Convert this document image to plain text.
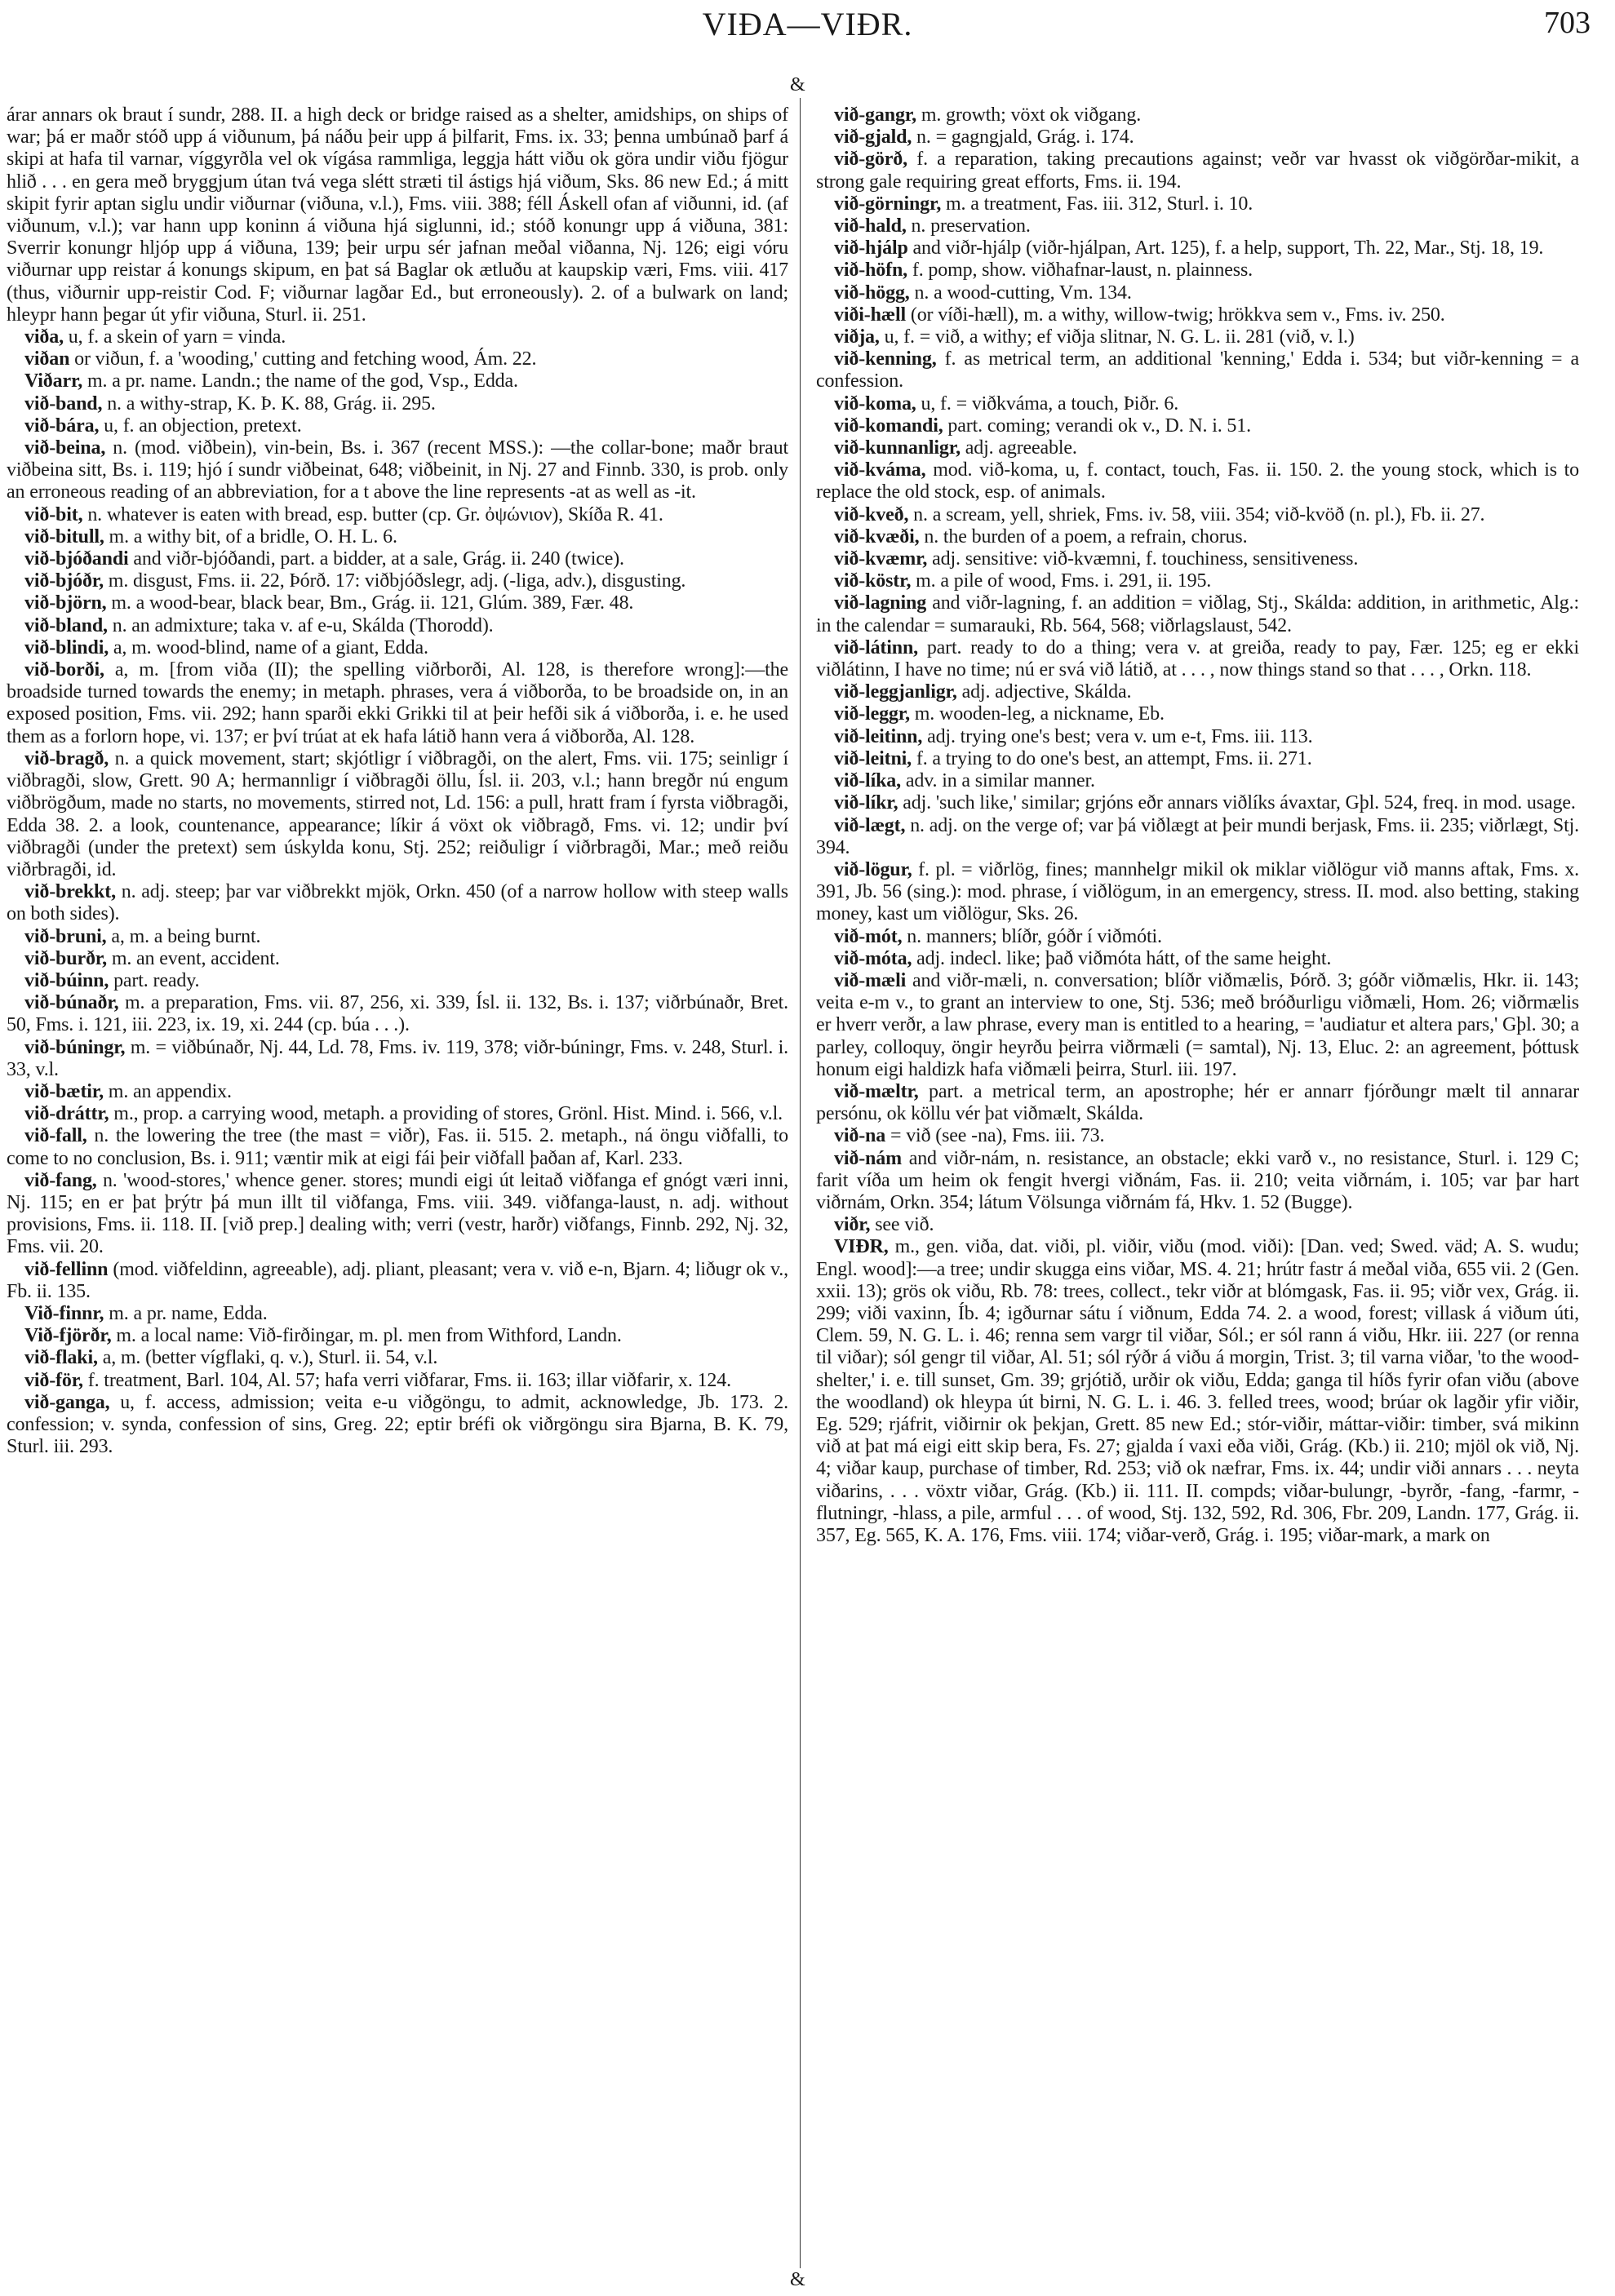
VIÐA—VIÐR.	703
&
&

árar annars ok braut í sundr, 288. II. a high deck or bridge raised as a shelter, amidships, on ships of war; þá er maðr stóð upp á viðunum, þá náðu þeir upp á þilfarit, Fms. ix. 33; þenna umbúnað þarf á skipi at hafa til varnar, víggyrðla vel ok vígása rammliga, leggja hátt viðu ok göra undir viðu fjögur hlið . . . en gera með bryggjum útan tvá vega slétt stræti til ástigs hjá viðum, Sks. 86 new Ed.; á mitt skipit fyrir aptan siglu undir viðurnar (viðuna, v.l.), Fms. viii. 388; féll Áskell ofan af viðunni, id. (af viðunum, v.l.); var hann upp koninn á viðuna hjá siglunni, id.; stóð konungr upp á viðuna, 381: Sverrir konungr hljóp upp á viðuna, 139; þeir urpu sér jafnan meðal viðanna, Nj. 126; eigi vóru viðurnar upp reistar á konungs skipum, en þat sá Baglar ok ætluðu at kaupskip væri, Fms. viii. 417 (thus, viðurnir upp-reistir Cod. F; viðurnar lagðar Ed., but erroneously). 2. of a bulwark on land; hleypr hann þegar út yfir viðuna, Sturl. ii. 251.

viða, u, f. a skein of yarn = vinda.

viðan or viðun, f. a 'wooding,' cutting and fetching wood, Ám. 22.

Viðarr, m. a pr. name. Landn.; the name of the god, Vsp., Edda.

við-band, n. a withy-strap, K. Þ. K. 88, Grág. ii. 295.

við-bára, u, f. an objection, pretext.

við-beina, n. (mod. viðbein), vin-bein, Bs. i. 367 (recent MSS.): —the collar-bone; maðr braut viðbeina sitt, Bs. i. 119; hjó í sundr viðbeinat, 648; viðbeinit, in Nj. 27 and Finnb. 330, is prob. only an erroneous reading of an abbreviation, for a t above the line represents -at as well as -it.

við-bit, n. whatever is eaten with bread, esp. butter (cp. Gr. ὀψώνιον), Skíða R. 41.

við-bitull, m. a withy bit, of a bridle, O. H. L. 6.

við-bjóðandi and viðr-bjóðandi, part. a bidder, at a sale, Grág. ii. 240 (twice).

við-bjóðr, m. disgust, Fms. ii. 22, Þórð. 17: viðbjóðslegr, adj. (-liga, adv.), disgusting.

við-björn, m. a wood-bear, black bear, Bm., Grág. ii. 121, Glúm. 389, Fær. 48.

við-bland, n. an admixture; taka v. af e-u, Skálda (Thorodd).

við-blindi, a, m. wood-blind, name of a giant, Edda.

við-borði, a, m. [from viða (II); the spelling viðrborði, Al. 128, is therefore wrong]:—the broadside turned towards the enemy; in metaph. phrases, vera á viðborða, to be broadside on, in an exposed position, Fms. vii. 292; hann sparði ekki Grikki til at þeir hefði sik á viðborða, i. e. he used them as a forlorn hope, vi. 137; er því trúat at ek hafa látið hann vera á viðborða, Al. 128.

við-bragð, n. a quick movement, start; skjótligr í viðbragði, on the alert, Fms. vii. 175; seinligr í viðbragði, slow, Grett. 90 A; hermannligr í viðbragði öllu, Ísl. ii. 203, v.l.; hann bregðr nú engum viðbrögðum, made no starts, no movements, stirred not, Ld. 156: a pull, hratt fram í fyrsta viðbragði, Edda 38. 2. a look, countenance, appearance; líkir á vöxt ok viðbragð, Fms. vi. 12; undir því viðbragði (under the pretext) sem úskylda konu, Stj. 252; reiðuligr í viðrbragði, Mar.; með reiðu viðrbragði, id.

við-brekkt, n. adj. steep; þar var viðbrekkt mjök, Orkn. 450 (of a narrow hollow with steep walls on both sides).

við-bruni, a, m. a being burnt.

við-burðr, m. an event, accident.

við-búinn, part. ready.

við-búnaðr, m. a preparation, Fms. vii. 87, 256, xi. 339, Ísl. ii. 132, Bs. i. 137; viðrbúnaðr, Bret. 50, Fms. i. 121, iii. 223, ix. 19, xi. 244 (cp. búa . . .).

við-búningr, m. = viðbúnaðr, Nj. 44, Ld. 78, Fms. iv. 119, 378; viðr-búningr, Fms. v. 248, Sturl. i. 33, v.l.

við-bætir, m. an appendix.

við-dráttr, m., prop. a carrying wood, metaph. a providing of stores, Grönl. Hist. Mind. i. 566, v.l.

við-fall, n. the lowering the tree (the mast = viðr), Fas. ii. 515. 2. metaph., ná öngu viðfalli, to come to no conclusion, Bs. i. 911; væntir mik at eigi fái þeir viðfall þaðan af, Karl. 233.

við-fang, n. 'wood-stores,' whence gener. stores; mundi eigi út leitað viðfanga ef gnógt væri inni, Nj. 115; en er þat þrýtr þá mun illt til viðfanga, Fms. viii. 349. viðfanga-laust, n. adj. without provisions, Fms. ii. 118. II. [við prep.] dealing with; verri (vestr, harðr) viðfangs, Finnb. 292, Nj. 32, Fms. vii. 20.

við-fellinn (mod. viðfeldinn, agreeable), adj. pliant, pleasant; vera v. við e-n, Bjarn. 4; liðugr ok v., Fb. ii. 135.

Við-finnr, m. a pr. name, Edda.

Við-fjörðr, m. a local name: Við-firðingar, m. pl. men from Withford, Landn.

við-flaki, a, m. (better vígflaki, q. v.), Sturl. ii. 54, v.l.

við-för, f. treatment, Barl. 104, Al. 57; hafa verri viðfarar, Fms. ii. 163; illar viðfarir, x. 124.

við-ganga, u, f. access, admission; veita e-u viðgöngu, to admit, acknowledge, Jb. 173. 2. confession; v. synda, confession of sins, Greg. 22; eptir bréfi ok viðrgöngu sira Bjarna, B. K. 79, Sturl. iii. 293.

við-gangr, m. growth; vöxt ok viðgang.

við-gjald, n. = gagngjald, Grág. i. 174.

við-görð, f. a reparation, taking precautions against; veðr var hvasst ok viðgörðar-mikit, a strong gale requiring great efforts, Fms. ii. 194.

við-görningr, m. a treatment, Fas. iii. 312, Sturl. i. 10.

við-hald, n. preservation.

við-hjálp and viðr-hjálp (viðr-hjálpan, Art. 125), f. a help, support, Th. 22, Mar., Stj. 18, 19.

við-höfn, f. pomp, show. viðhafnar-laust, n. plainness.

við-högg, n. a wood-cutting, Vm. 134.

viði-hæll (or víði-hæll), m. a withy, willow-twig; hrökkva sem v., Fms. iv. 250.

viðja, u, f. = við, a withy; ef viðja slitnar, N. G. L. ii. 281 (við, v. l.)

við-kenning, f. as metrical term, an additional 'kenning,' Edda i. 534; but viðr-kenning = a confession.

við-koma, u, f. = viðkváma, a touch, Þiðr. 6.

við-komandi, part. coming; verandi ok v., D. N. i. 51.

við-kunnanligr, adj. agreeable.

við-kváma, mod. við-koma, u, f. contact, touch, Fas. ii. 150. 2. the young stock, which is to replace the old stock, esp. of animals.

við-kveð, n. a scream, yell, shriek, Fms. iv. 58, viii. 354; við-kvöð (n. pl.), Fb. ii. 27.

við-kvæði, n. the burden of a poem, a refrain, chorus.

við-kvæmr, adj. sensitive: við-kvæmni, f. touchiness, sensitiveness.

við-köstr, m. a pile of wood, Fms. i. 291, ii. 195.

við-lagning and viðr-lagning, f. an addition = viðlag, Stj., Skálda: addition, in arithmetic, Alg.: in the calendar = sumarauki, Rb. 564, 568; viðrlagslaust, 542.

við-látinn, part. ready to do a thing; vera v. at greiða, ready to pay, Fær. 125; eg er ekki viðlátinn, I have no time; nú er svá við látið, at . . . , now things stand so that . . . , Orkn. 118.

við-leggjanligr, adj. adjective, Skálda.

við-leggr, m. wooden-leg, a nickname, Eb.

við-leitinn, adj. trying one's best; vera v. um e-t, Fms. iii. 113.

við-leitni, f. a trying to do one's best, an attempt, Fms. ii. 271.

við-líka, adv. in a similar manner.

við-líkr, adj. 'such like,' similar; grjóns eðr annars viðlíks ávaxtar, Gþl. 524, freq. in mod. usage.

við-lægt, n. adj. on the verge of; var þá viðlægt at þeir mundi berjask, Fms. ii. 235; viðrlægt, Stj. 394.

við-lögur, f. pl. = viðrlög, fines; mannhelgr mikil ok miklar viðlögur við manns aftak, Fms. x. 391, Jb. 56 (sing.): mod. phrase, í viðlögum, in an emergency, stress. II. mod. also betting, staking money, kast um viðlögur, Sks. 26.

við-mót, n. manners; blíðr, góðr í viðmóti.

við-móta, adj. indecl. like; það viðmóta hátt, of the same height.

við-mæli and viðr-mæli, n. conversation; blíðr viðmælis, Þórð. 3; góðr viðmælis, Hkr. ii. 143; veita e-m v., to grant an interview to one, Stj. 536; með bróðurligu viðmæli, Hom. 26; viðrmælis er hverr verðr, a law phrase, every man is entitled to a hearing, = 'audiatur et altera pars,' Gþl. 30; a parley, colloquy, öngir heyrðu þeirra viðrmæli (= samtal), Nj. 13, Eluc. 2: an agreement, þóttusk honum eigi haldizk hafa viðmæli þeirra, Sturl. iii. 197.

við-mæltr, part. a metrical term, an apostrophe; hér er annarr fjórðungr mælt til annarar persónu, ok köllu vér þat viðmælt, Skálda.

við-na = við (see -na), Fms. iii. 73.

við-nám and viðr-nám, n. resistance, an obstacle; ekki varð v., no resistance, Sturl. i. 129 C; farit víða um heim ok fengit hvergi viðnám, Fas. ii. 210; veita viðrnám, i. 105; var þar hart viðrnám, Orkn. 354; látum Völsunga viðrnám fá, Hkv. 1. 52 (Bugge).

viðr, see við.

VIÐR, m., gen. viða, dat. viði, pl. viðir, viðu (mod. viði): [Dan. ved; Swed. väd; A. S. wudu; Engl. wood]:—a tree; undir skugga eins viðar, MS. 4. 21; hrútr fastr á meðal viða, 655 vii. 2 (Gen. xxii. 13); grös ok viðu, Rb. 78: trees, collect., tekr viðr at blómgask, Fas. ii. 95; viðr vex, Grág. ii. 299; viði vaxinn, Íb. 4; igðurnar sátu í viðnum, Edda 74. 2. a wood, forest; villask á viðum úti, Clem. 59, N. G. L. i. 46; renna sem vargr til viðar, Sól.; er sól rann á viðu, Hkr. iii. 227 (or renna til viðar); sól gengr til viðar, Al. 51; sól rýðr á viðu á morgin, Trist. 3; til varna viðar, 'to the wood-shelter,' i. e. till sunset, Gm. 39; grjótið, urðir ok viðu, Edda; ganga til híðs fyrir ofan viðu (above the woodland) ok hleypa út birni, N. G. L. i. 46. 3. felled trees, wood; brúar ok lagðir yfir viðir, Eg. 529; rjáfrit, viðirnir ok þekjan, Grett. 85 new Ed.; stór-viðir, máttar-viðir: timber, svá mikinn við at þat má eigi eitt skip bera, Fs. 27; gjalda í vaxi eða viði, Grág. (Kb.) ii. 210; mjöl ok við, Nj. 4; viðar kaup, purchase of timber, Rd. 253; við ok næfrar, Fms. ix. 44; undir viði annars . . . neyta viðarins, . . . vöxtr viðar, Grág. (Kb.) ii. 111. II. compds; viðar-bulungr, -byrðr, -fang, -farmr, -flutningr, -hlass, a pile, armful . . . of wood, Stj. 132, 592, Rd. 306, Fbr. 209, Landn. 177, Grág. ii. 357, Eg. 565, K. A. 176, Fms. viii. 174; viðar-verð, Grág. i. 195; viðar-mark, a mark on
